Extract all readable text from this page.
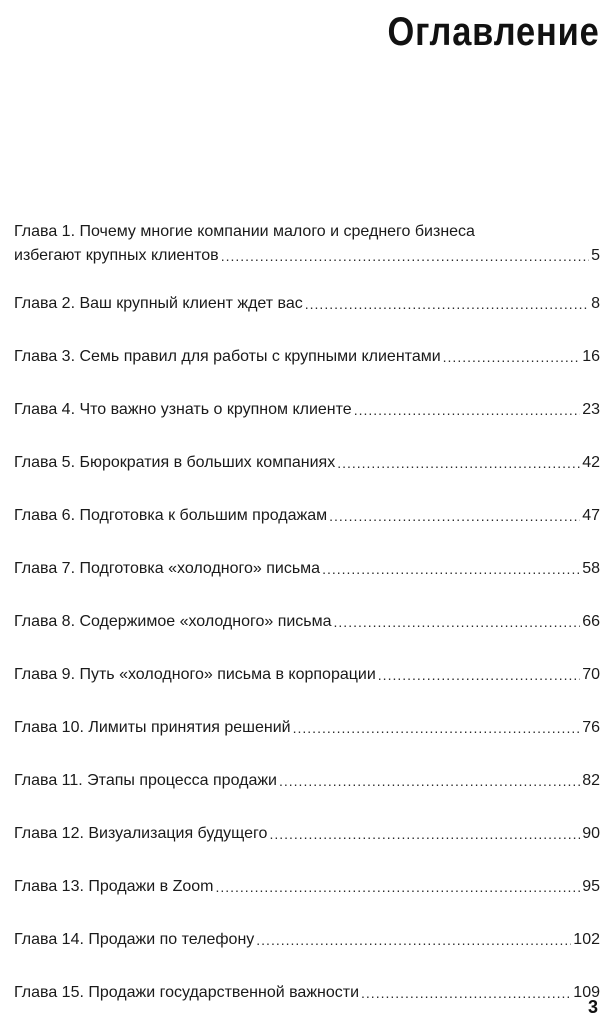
Оглавление
Глава 1. Почему многие компании малого и среднего бизнеса
избегают крупных клиентов .....	5
Глава 2. Ваш крупный клиент ждет вас .....	8
Глава 3. Семь правил для работы с крупными клиентами .....	16
Глава 4. Что важно узнать о крупном клиенте .....	23
Глава 5. Бюрократия в больших компаниях .....	42
Глава 6. Подготовка к большим продажам .....	47
Глава 7. Подготовка «холодного» письма .....	58
Глава 8. Содержимое «холодного» письма .....	66
Глава 9. Путь «холодного» письма в корпорации .....	70
Глава 10. Лимиты принятия решений .....	76
Глава 11. Этапы процесса продажи .....	82
Глава 12. Визуализация будущего .....	90
Глава 13. Продажи в Zoom .....	95
Глава 14. Продажи по телефону .....	102
Глава 15. Продажи государственной важности .....	109
3
